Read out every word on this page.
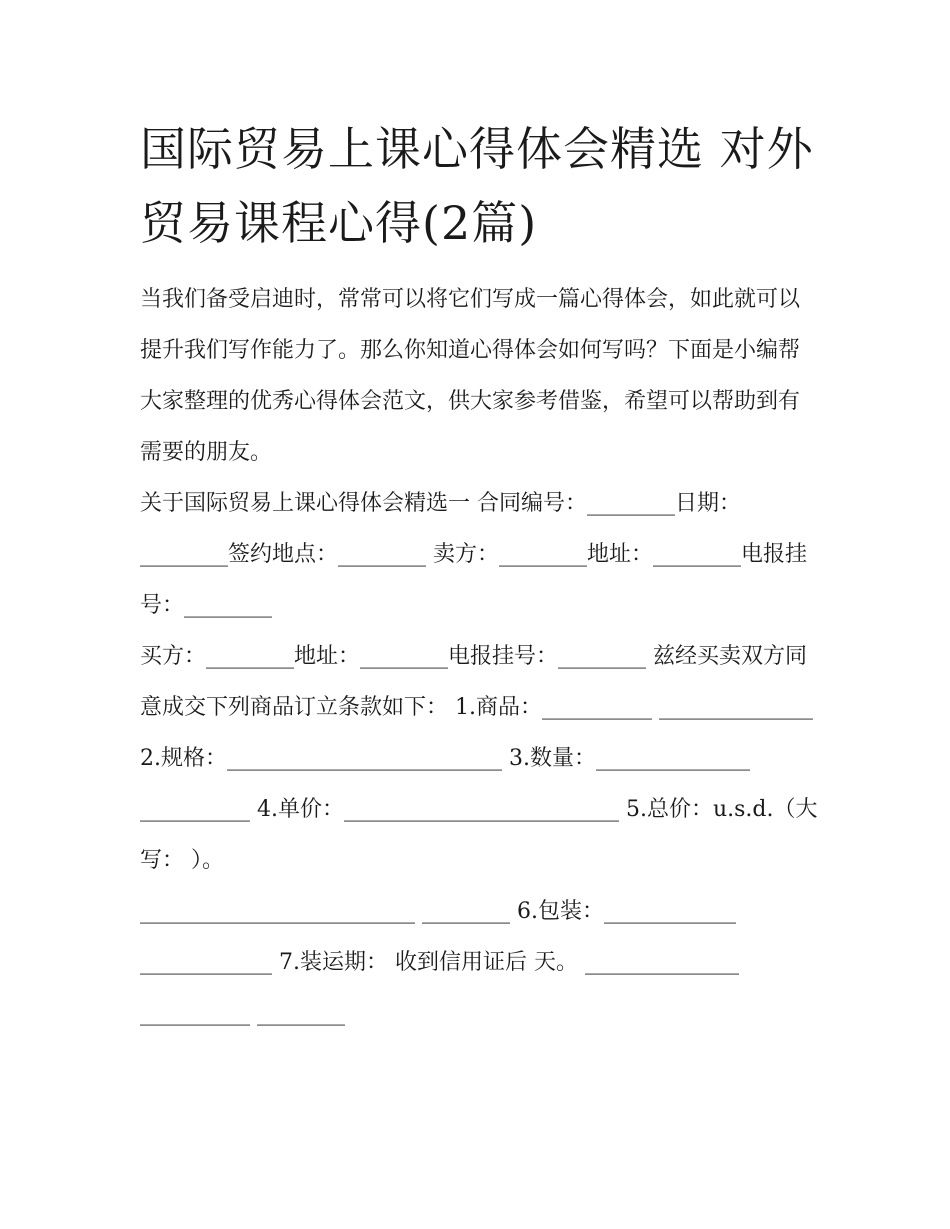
国际贸易上课心得体会精选 对外贸易课程心得(2篇)

当我们备受启迪时，常常可以将它们写成一篇心得体会，如此就可以提升我们写作能力了。那么你知道心得体会如何写吗？下面是小编帮大家整理的优秀心得体会范文，供大家参考借鉴，希望可以帮助到有需要的朋友。

关于国际贸易上课心得体会精选一 合同编号：________日期：________签约地点：________ 卖方：________地址：________电报挂号：________

买方：________地址：________电报挂号：________ 兹经买卖双方同意成交下列商品订立条款如下： 1.商品：__________ ______________

2.规格：_________________________ 3.数量：______________ __________ 4.单价：_________________________ 5.总价：u.s.d.（大写： ）。

_________________________ ________ 6.包装：____________ ____________ 7.装运期： 收到信用证后 天。 ______________ __________ ________
